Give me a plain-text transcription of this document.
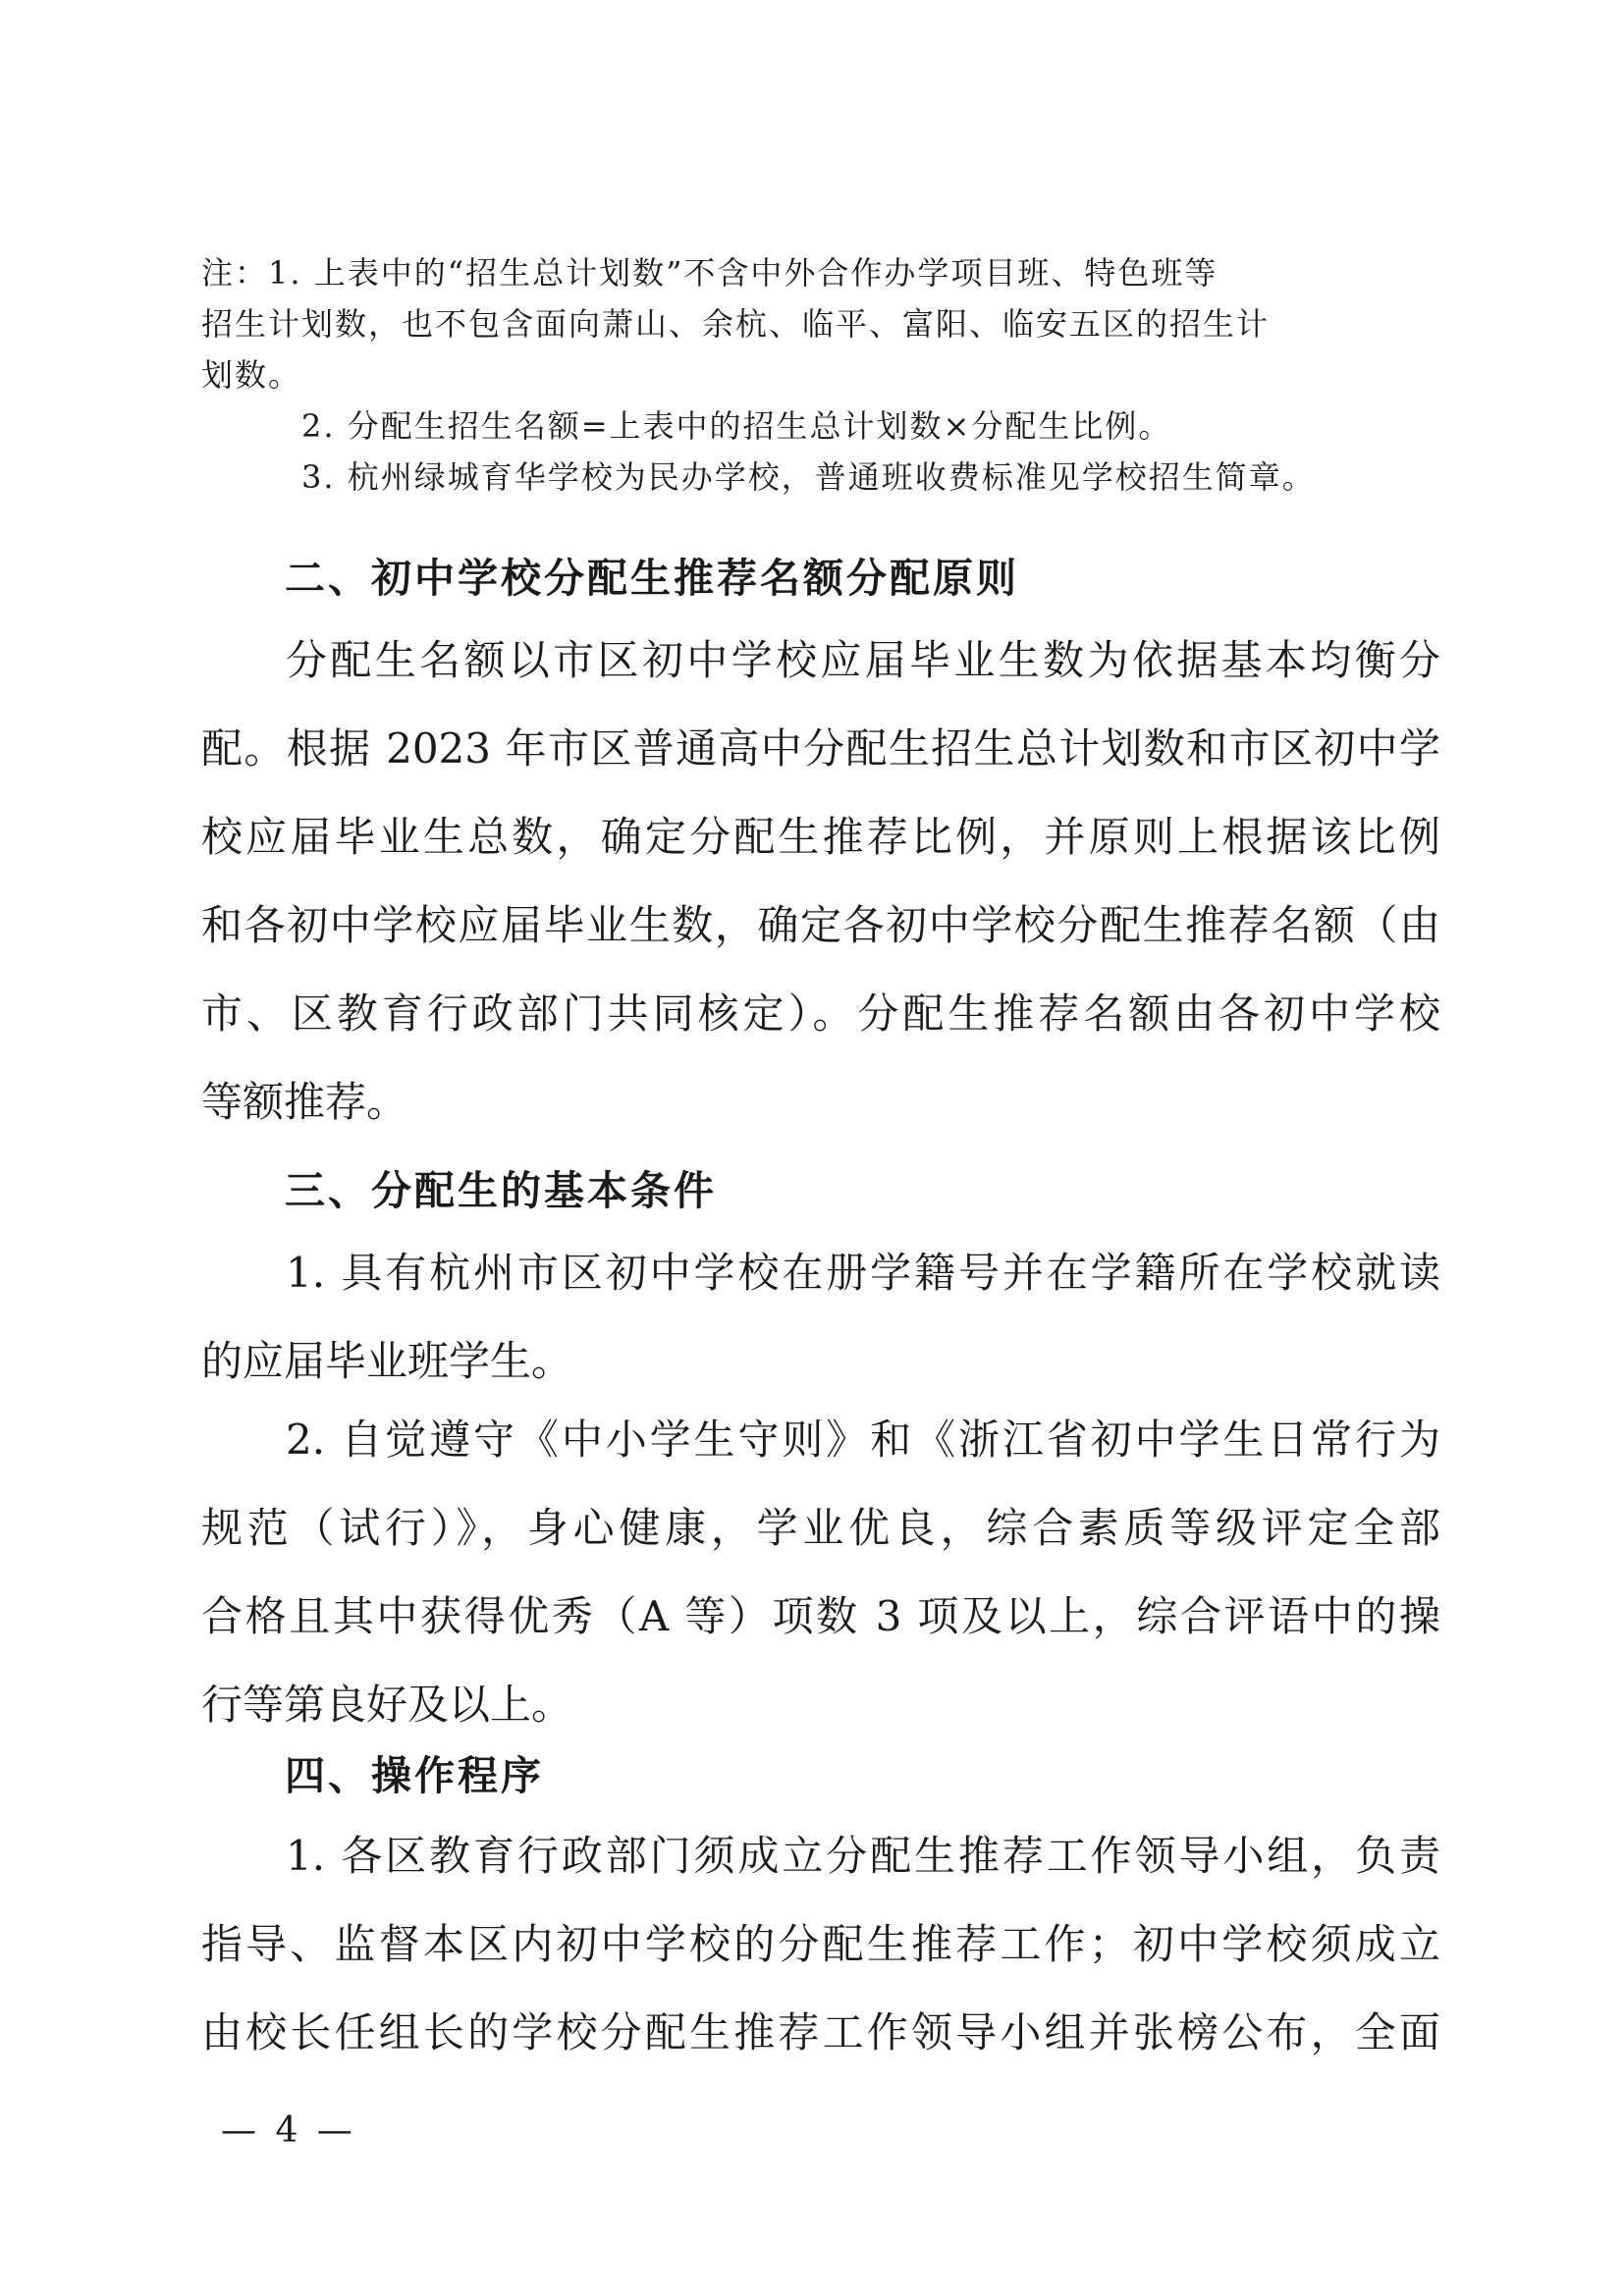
注：1. 上表中的“招生总计划数”不含中外合作办学项目班、特色班等
招生计划数，也不包含面向萧山、余杭、临平、富阳、临安五区的招生计
划数。
2. 分配生招生名额=上表中的招生总计划数×分配生比例。
3. 杭州绿城育华学校为民办学校，普通班收费标准见学校招生简章。
二、初中学校分配生推荐名额分配原则
分配生名额以市区初中学校应届毕业生数为依据基本均衡分
配。根据 2023 年市区普通高中分配生招生总计划数和市区初中学
校应届毕业生总数，确定分配生推荐比例，并原则上根据该比例
和各初中学校应届毕业生数，确定各初中学校分配生推荐名额（由
市、区教育行政部门共同核定）。分配生推荐名额由各初中学校
等额推荐。
三、分配生的基本条件
1. 具有杭州市区初中学校在册学籍号并在学籍所在学校就读
的应届毕业班学生。
2. 自觉遵守《中小学生守则》和《浙江省初中学生日常行为
规范（试行）》，身心健康，学业优良，综合素质等级评定全部
合格且其中获得优秀（A 等）项数 3 项及以上，综合评语中的操
行等第良好及以上。
四、操作程序
1. 各区教育行政部门须成立分配生推荐工作领导小组，负责
指导、监督本区内初中学校的分配生推荐工作；初中学校须成立
由校长任组长的学校分配生推荐工作领导小组并张榜公布，全面
— 4 —
